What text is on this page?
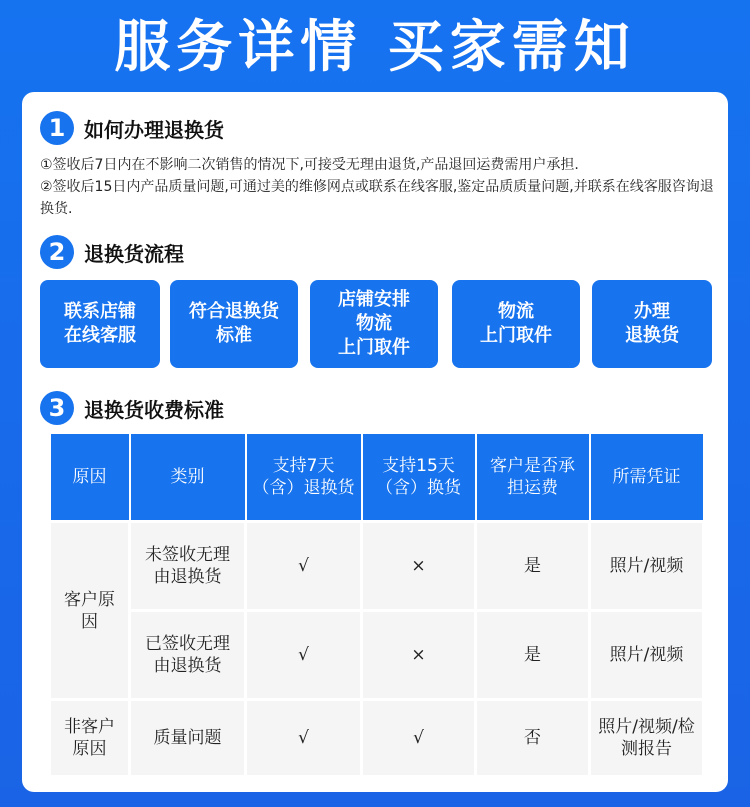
服务详情 买家需知
1 如何办理退换货
①签收后7日内在不影响二次销售的情况下,可接受无理由退货,产品退回运费需用户承担.
②签收后15日内产品质量问题,可通过美的维修网点或联系在线客服,鉴定品质质量问题,并联系在线客服咨询退换货.
2 退换货流程
联系店铺
在线客服
符合退换货
标准
店铺安排
物流
上门取件
物流
上门取件
办理
退换货
3 退换货收费标准
原因	类别	支持7天（含）退换货	支持15天（含）换货	客户是否承担运费	所需凭证
客户原因	未签收无理由退换货	√	×	是	照片/视频
	已签收无理由退换货	√	×	是	照片/视频
非客户原因	质量问题	√	√	否	照片/视频/检测报告
